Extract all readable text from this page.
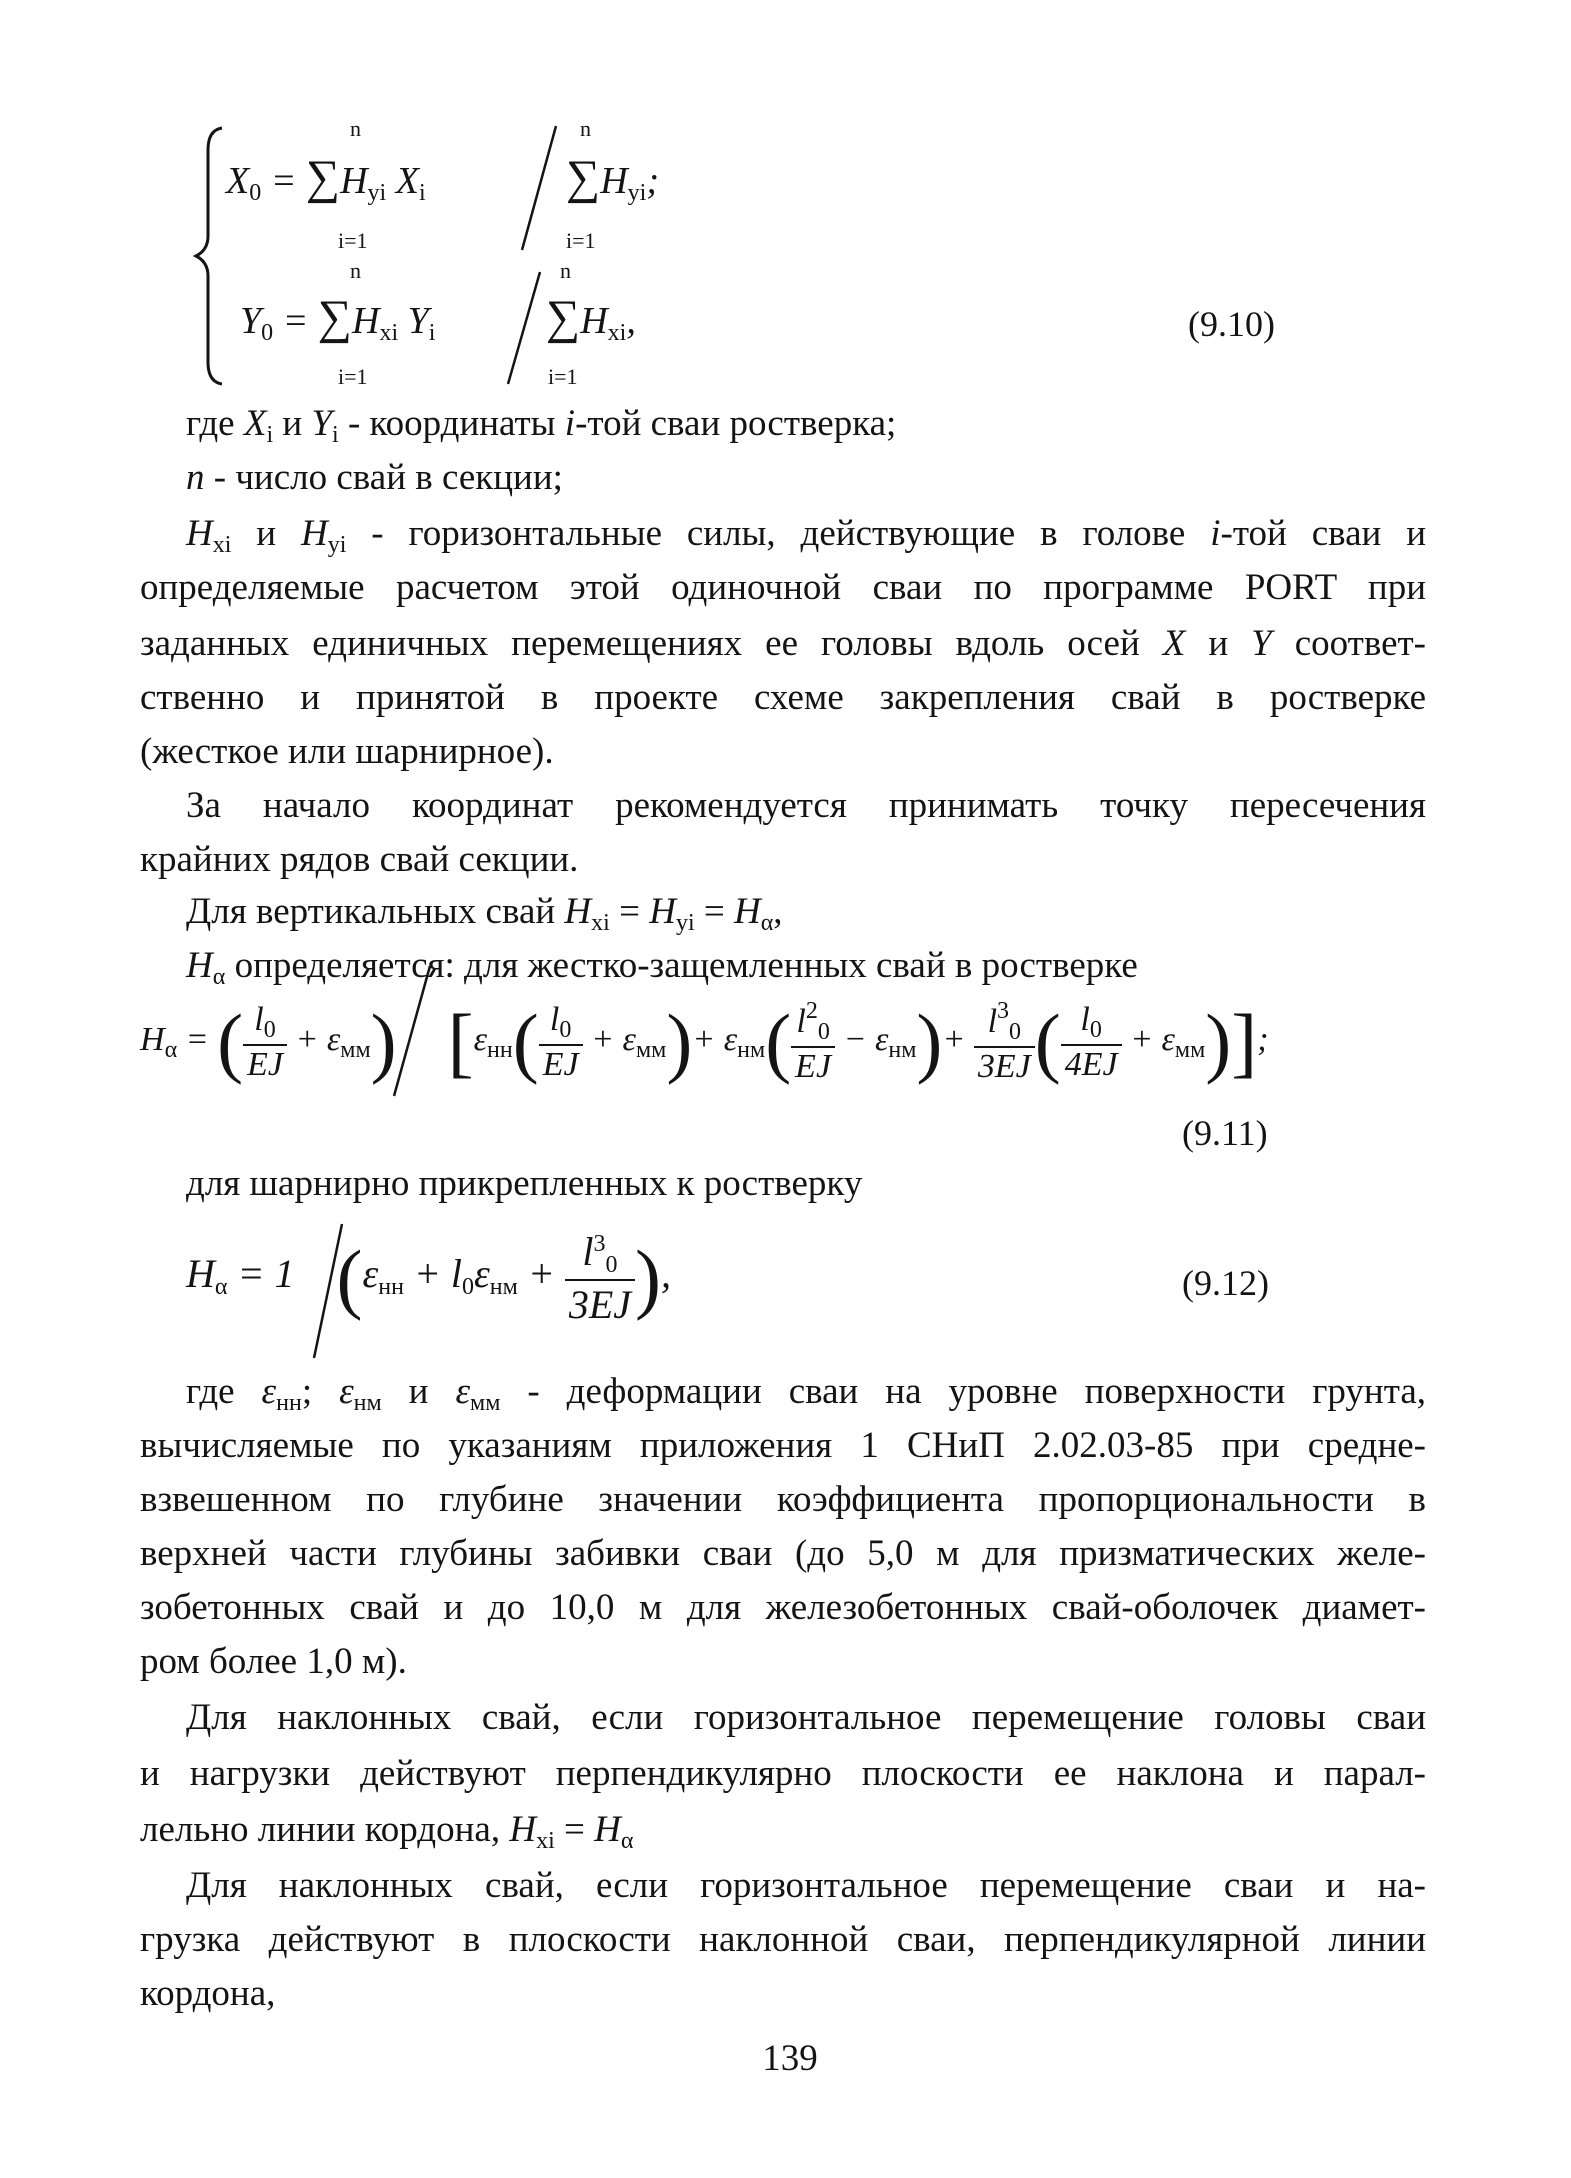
$X_0 = \sum H_{yi}$ $X_i$	$\sum H_{yi}$;
n
i=1
n
i=1
$Y_0 = \sum H_{xi}$ $Y_i$ $\sum H_{xi}$,
n
i=1
n
i=1
(9.10)
где $X_i$ и $Y_i$ - координаты i-той сваи ростверка;
n - число свай в секции;
$H_{xi}$ и $H_{yi}$ - горизонтальные силы, действующие в голове i-той сваи и
определяемые расчетом этой одиночной сваи по программе PORT при
заданных единичных перемещениях ее головы вдоль осей X и Y соответ-
ственно и принятой в проекте схеме закрепления свай в ростверке
(жесткое или шарнирное).
За начало координат рекомендуется принимать точку пересечения
крайних рядов свай секции.
Для вертикальных свай $H_{xi} = H_{yi} = H_\alpha$,
$H_\alpha$ определяется: для жестко-защемленных свай в ростверке
$H_\alpha$ = ( $\frac{l_0}{EJ} + \varepsilon_{мм}$) [$\varepsilon_{нн}( \frac{l_0}{EJ} + \varepsilon_{мм})+ \varepsilon_{нм}( \frac{l^2_0}{EJ} - \varepsilon_{нм})+ \frac{l^3_0}{3EJ}$ ( $\frac{l_0}{4EJ} + \varepsilon_{мм}$)];
(9.11)
для шарнирно прикрепленных к ростверку
$H_\alpha = 1$ ($\varepsilon_{нн} + l_0\varepsilon_{нм} + \frac{l^3_0}{3EJ}$ ),	(9.12)
где $\varepsilon_{нн}$; $\varepsilon_{нм}$ и $\varepsilon_{мм}$ - деформации сваи на уровне поверхности грунта,
вычисляемые по указаниям приложения 1 СНиП 2.02.03-85 при средне-
взвешенном по глубине значении коэффициента пропорциональности в
верхней части глубины забивки сваи (до 5,0 м для призматических желе-
зобетонных свай и до 10,0 м для железобетонных свай-оболочек диамет-
ром более 1,0 м).
Для наклонных свай, если горизонтальное перемещение головы сваи
и нагрузки действуют перпендикулярно плоскости ее наклона и парал-
лельно линии кордона, $H_{xi} = H_\alpha$
Для наклонных свай, если горизонтальное перемещение сваи и на-
грузка действуют в плоскости наклонной сваи, перпендикулярной линии
кордона,
139
